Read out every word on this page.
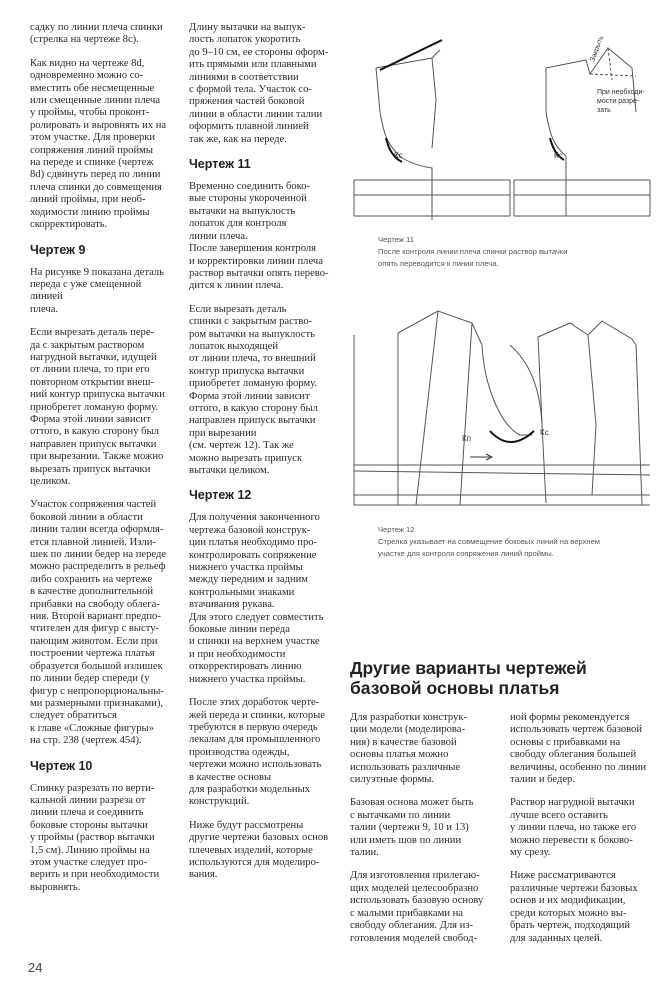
садку по линии плеча спинки
(стрелка на чертеже 8с).

Как видно на чертеже 8d,
одновременно можно со-
вместить обе несмещенные
или смещенные линии плеча
у проймы, чтобы проконт-
ролировать и выровнять их на
этом участке. Для проверки
сопряжения линий проймы
на переде и спинке (чертеж
8d) сдвинуть перед по линии
плеча спинки до совмещения
линий проймы, при необ-
ходимости линию проймы
скорректировать.

Чертеж 9

На рисунке 9 показана деталь
переда с уже смещенной линией
плеча.

Если вырезать деталь пере-
да с закрытым раствором
нагрудной вытачки, идущей
от линии плеча, то при его
повторном открытии внеш-
ний контур припуска вытачки
приобретет ломаную форму.
Форма этой линии зависит
оттого, в какую сторону был
направлен припуск вытачки
при вырезании. Также можно
вырезать припуск вытачки
целиком.

Участок сопряжения частей
боковой линии в области
линии талии всегда оформля-
ется плавной линией. Изли-
шек по линии бедер на переде
можно распределить в рельеф
либо сохранить на чертеже
в качестве дополнительной
прибавки на свободу облега-
ния. Второй вариант предпо-
чтителен для фигур с высту-
пающим животом. Если при
построении чертежа платья
образуется большой излишек
по линии бедер спереди (у
фигур с непропорциональны-
ми размерными признаками),
следует обратиться
к главе «Сложные фигуры»
на стр. 238 (чертеж 454).

Чертеж 10

Спинку разрезать по верти-
кальной линии разреза от
линии плеча и соединить
боковые стороны вытачки
у проймы (раствор вытачки
1,5 см). Линию проймы на
этом участке следует про-
верить и при необходимости
выровнять.

Длину вытачки на выпук-
лость лопаток укоротить
до 9–10 см, ее стороны оформ-
ить прямыми или плавными
линиями в соответствии
с формой тела. Участок со-
пряжения частей боковой
линии в области линии талии
оформить плавной линией
так же, как на переде.

Чертеж 11

Временно соединить боко-
вые стороны укороченной
вытачки на выпуклость
лопаток для контроля
линии плеча.
После завершения контроля
и корректировки линии плеча
раствор вытачки опять перево-
дится к линии плеча.

Если вырезать деталь
спинки с закрытым раство-
ром вытачки на выпуклость
лопаток выходящей
от линии плеча, то внешний
контур припуска вытачки
приобретет ломаную форму.
Форма этой линии зависит
оттого, в какую сторону был
направлен припуск вытачки
при вырезании
(см. чертеж 12). Так же
можно вырезать припуск
вытачки целиком.

Чертеж 12

Для получения законченного
чертежа базовой конструк-
ции платья необходимо про-
контролировать сопряжение
нижнего участка проймы
между передним и задним
контрольными знаками
втачивания рукава.
Для этого следует совместить
боковые линии переда
и спинки на верхнем участке
и при необходимости
откорректировать линию
нижнего участка проймы.

После этих доработок черте-
жей переда и спинки, которые
требуются в первую очередь
лекалам для промышленного
производства одежды,
чертежи можно использовать
в качестве основы
для разработки модельных
конструкций.

Ниже будут рассмотрены
другие чертежи базовых основ
плечевых изделий, которые
используются для моделиро-
вания.

Кс	Кс
Закрыть
При необходи-
мости разре-
зать
Чертеж 11
После контроля линии плеча спинки раствор вытачки
опять переводится к линии плеча.
Кп
Кс
Чертеж 12
Стрелка указывает на совмещение боковых линий на верхнем
участке для контроля сопряжения линий проймы.
Другие варианты чертежей
базовой основы платья

Для разработки конструк-
ции модели (моделирова-
ния) в качестве базовой
основы платья можно
использовать различные
силуэтные формы.

Базовая основа может быть
с вытачками по линии
талии (чертежи 9, 10 и 13)
или иметь шов по линии
талии.

Для изготовления прилегаю-
щих моделей целесообразно
использовать базовую основу
с малыми прибавками на
свободу облегания. Для из-
готовления моделей свобод-

ной формы рекомендуется
использовать чертеж базовой
основы с прибавками на
свободу облегания большей
величины, особенно по линии
талии и бедер.

Раствор нагрудной вытачки
лучше всего оставить
у линии плеча, но также его
можно перевести к боково-
му срезу.

Ниже рассматриваются
различные чертежи базовых
основ и их модификации,
среди которых можно вы-
брать чертеж, подходящий
для заданных целей.

24
